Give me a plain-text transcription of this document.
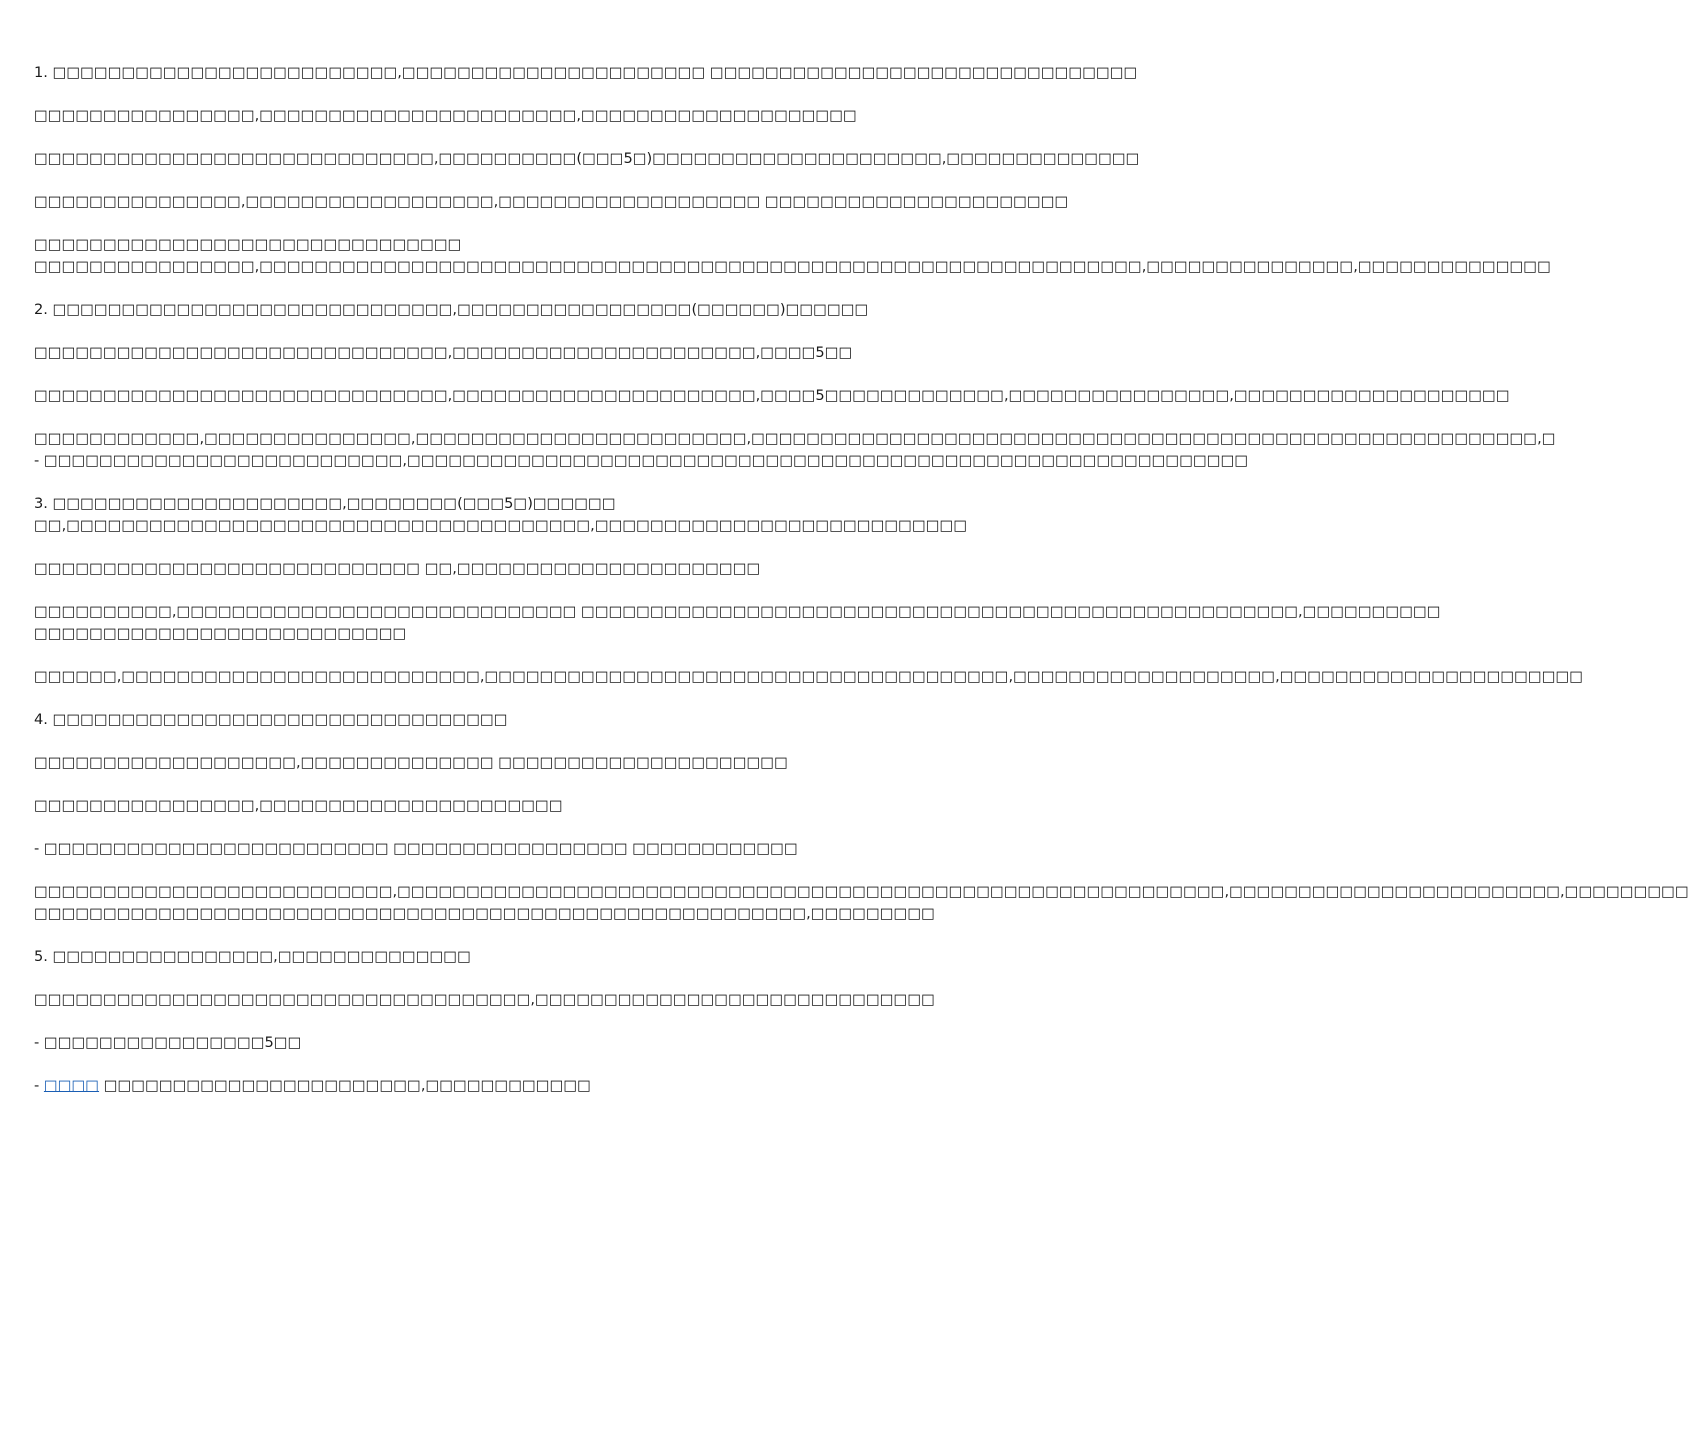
1. □□□□□□□□□□□□□□□□□□□□□□□□□,□□□□□□□□□□□□□□□□□□□□□□ □□□□□□□□□□□□□□□□□□□□□□□□□□□□□□□
□□□□□□□□□□□□□□□□,□□□□□□□□□□□□□□□□□□□□□□□,□□□□□□□□□□□□□□□□□□□□
□□□□□□□□□□□□□□□□□□□□□□□□□□□□□,□□□□□□□□□□(□□□5□)□□□□□□□□□□□□□□□□□□□□□,□□□□□□□□□□□□□□
□□□□□□□□□□□□□□□,□□□□□□□□□□□□□□□□□□,□□□□□□□□□□□□□□□□□□□ □□□□□□□□□□□□□□□□□□□□□□
□□□□□□□□□□□□□□□□□□□□□□□□□□□□□□□
□□□□□□□□□□□□□□□□,□□□□□□□□□□□□□□□□□□□□□□□□□□□□□□□□□□□□□□□□□□□□□□□□□□□□□□□□□□□□□□□□,□□□□□□□□□□□□□□□,□□□□□□□□□□□□□□
2. □□□□□□□□□□□□□□□□□□□□□□□□□□□□□,□□□□□□□□□□□□□□□□□(□□□□□□)□□□□□□
□□□□□□□□□□□□□□□□□□□□□□□□□□□□□□,□□□□□□□□□□□□□□□□□□□□□□,□□□□5□□
□□□□□□□□□□□□□□□□□□□□□□□□□□□□□□,□□□□□□□□□□□□□□□□□□□□□□,□□□□5□□□□□□□□□□□□□,□□□□□□□□□□□□□□□□,□□□□□□□□□□□□□□□□□□□□
□□□□□□□□□□□□,□□□□□□□□□□□□□□□,□□□□□□□□□□□□□□□□□□□□□□□□,□□□□□□□□□□□□□□□□□□□□□□□□□□□□□□□□□□□□□□□□□□□□□□□□□□□□□□□□□,□
- □□□□□□□□□□□□□□□□□□□□□□□□□□,□□□□□□□□□□□□□□□□□□□□□□□□□□□□□□□□□□□□□□□□□□□□□□□□□□□□□□□□□□□□□
3. □□□□□□□□□□□□□□□□□□□□□,□□□□□□□□(□□□5□)□□□□□□
□□,□□□□□□□□□□□□□□□□□□□□□□□□□□□□□□□□□□□□□□,□□□□□□□□□□□□□□□□□□□□□□□□□□□
□□□□□□□□□□□□□□□□□□□□□□□□□□□□ □□,□□□□□□□□□□□□□□□□□□□□□□
□□□□□□□□□□,□□□□□□□□□□□□□□□□□□□□□□□□□□□□□ □□□□□□□□□□□□□□□□□□□□□□□□□□□□□□□□□□□□□□□□□□□□□□□□□□□□,□□□□□□□□□□
□□□□□□□□□□□□□□□□□□□□□□□□□□□
□□□□□□,□□□□□□□□□□□□□□□□□□□□□□□□□□,□□□□□□□□□□□□□□□□□□□□□□□□□□□□□□□□□□□□□□,□□□□□□□□□□□□□□□□□□□,□□□□□□□□□□□□□□□□□□□□□□
4. □□□□□□□□□□□□□□□□□□□□□□□□□□□□□□□□□
□□□□□□□□□□□□□□□□□□□,□□□□□□□□□□□□□□ □□□□□□□□□□□□□□□□□□□□□
□□□□□□□□□□□□□□□□,□□□□□□□□□□□□□□□□□□□□□□
- □□□□□□□□□□□□□□□□□□□□□□□□□ □□□□□□□□□□□□□□□□□ □□□□□□□□□□□□
□□□□□□□□□□□□□□□□□□□□□□□□□□,□□□□□□□□□□□□□□□□□□□□□□□□□□□□□□□□□□□□□□□□□□□□□□□□□□□□□□□□□□□□,□□□□□□□□□□□□□□□□□□□□□□□□,□□□□□□□□□
□□□□□□□□□□□□□□□□□□□□□□□□□□□□□□□□□□□□□□□□□□□□□□□□□□□□□□□□,□□□□□□□□□
5. □□□□□□□□□□□□□□□□,□□□□□□□□□□□□□□
□□□□□□□□□□□□□□□□□□□□□□□□□□□□□□□□□□□□,□□□□□□□□□□□□□□□□□□□□□□□□□□□□□
- □□□□□□□□□□□□□□□□5□□
- □□□□ □□□□□□□□□□□□□□□□□□□□□□□,□□□□□□□□□□□□
